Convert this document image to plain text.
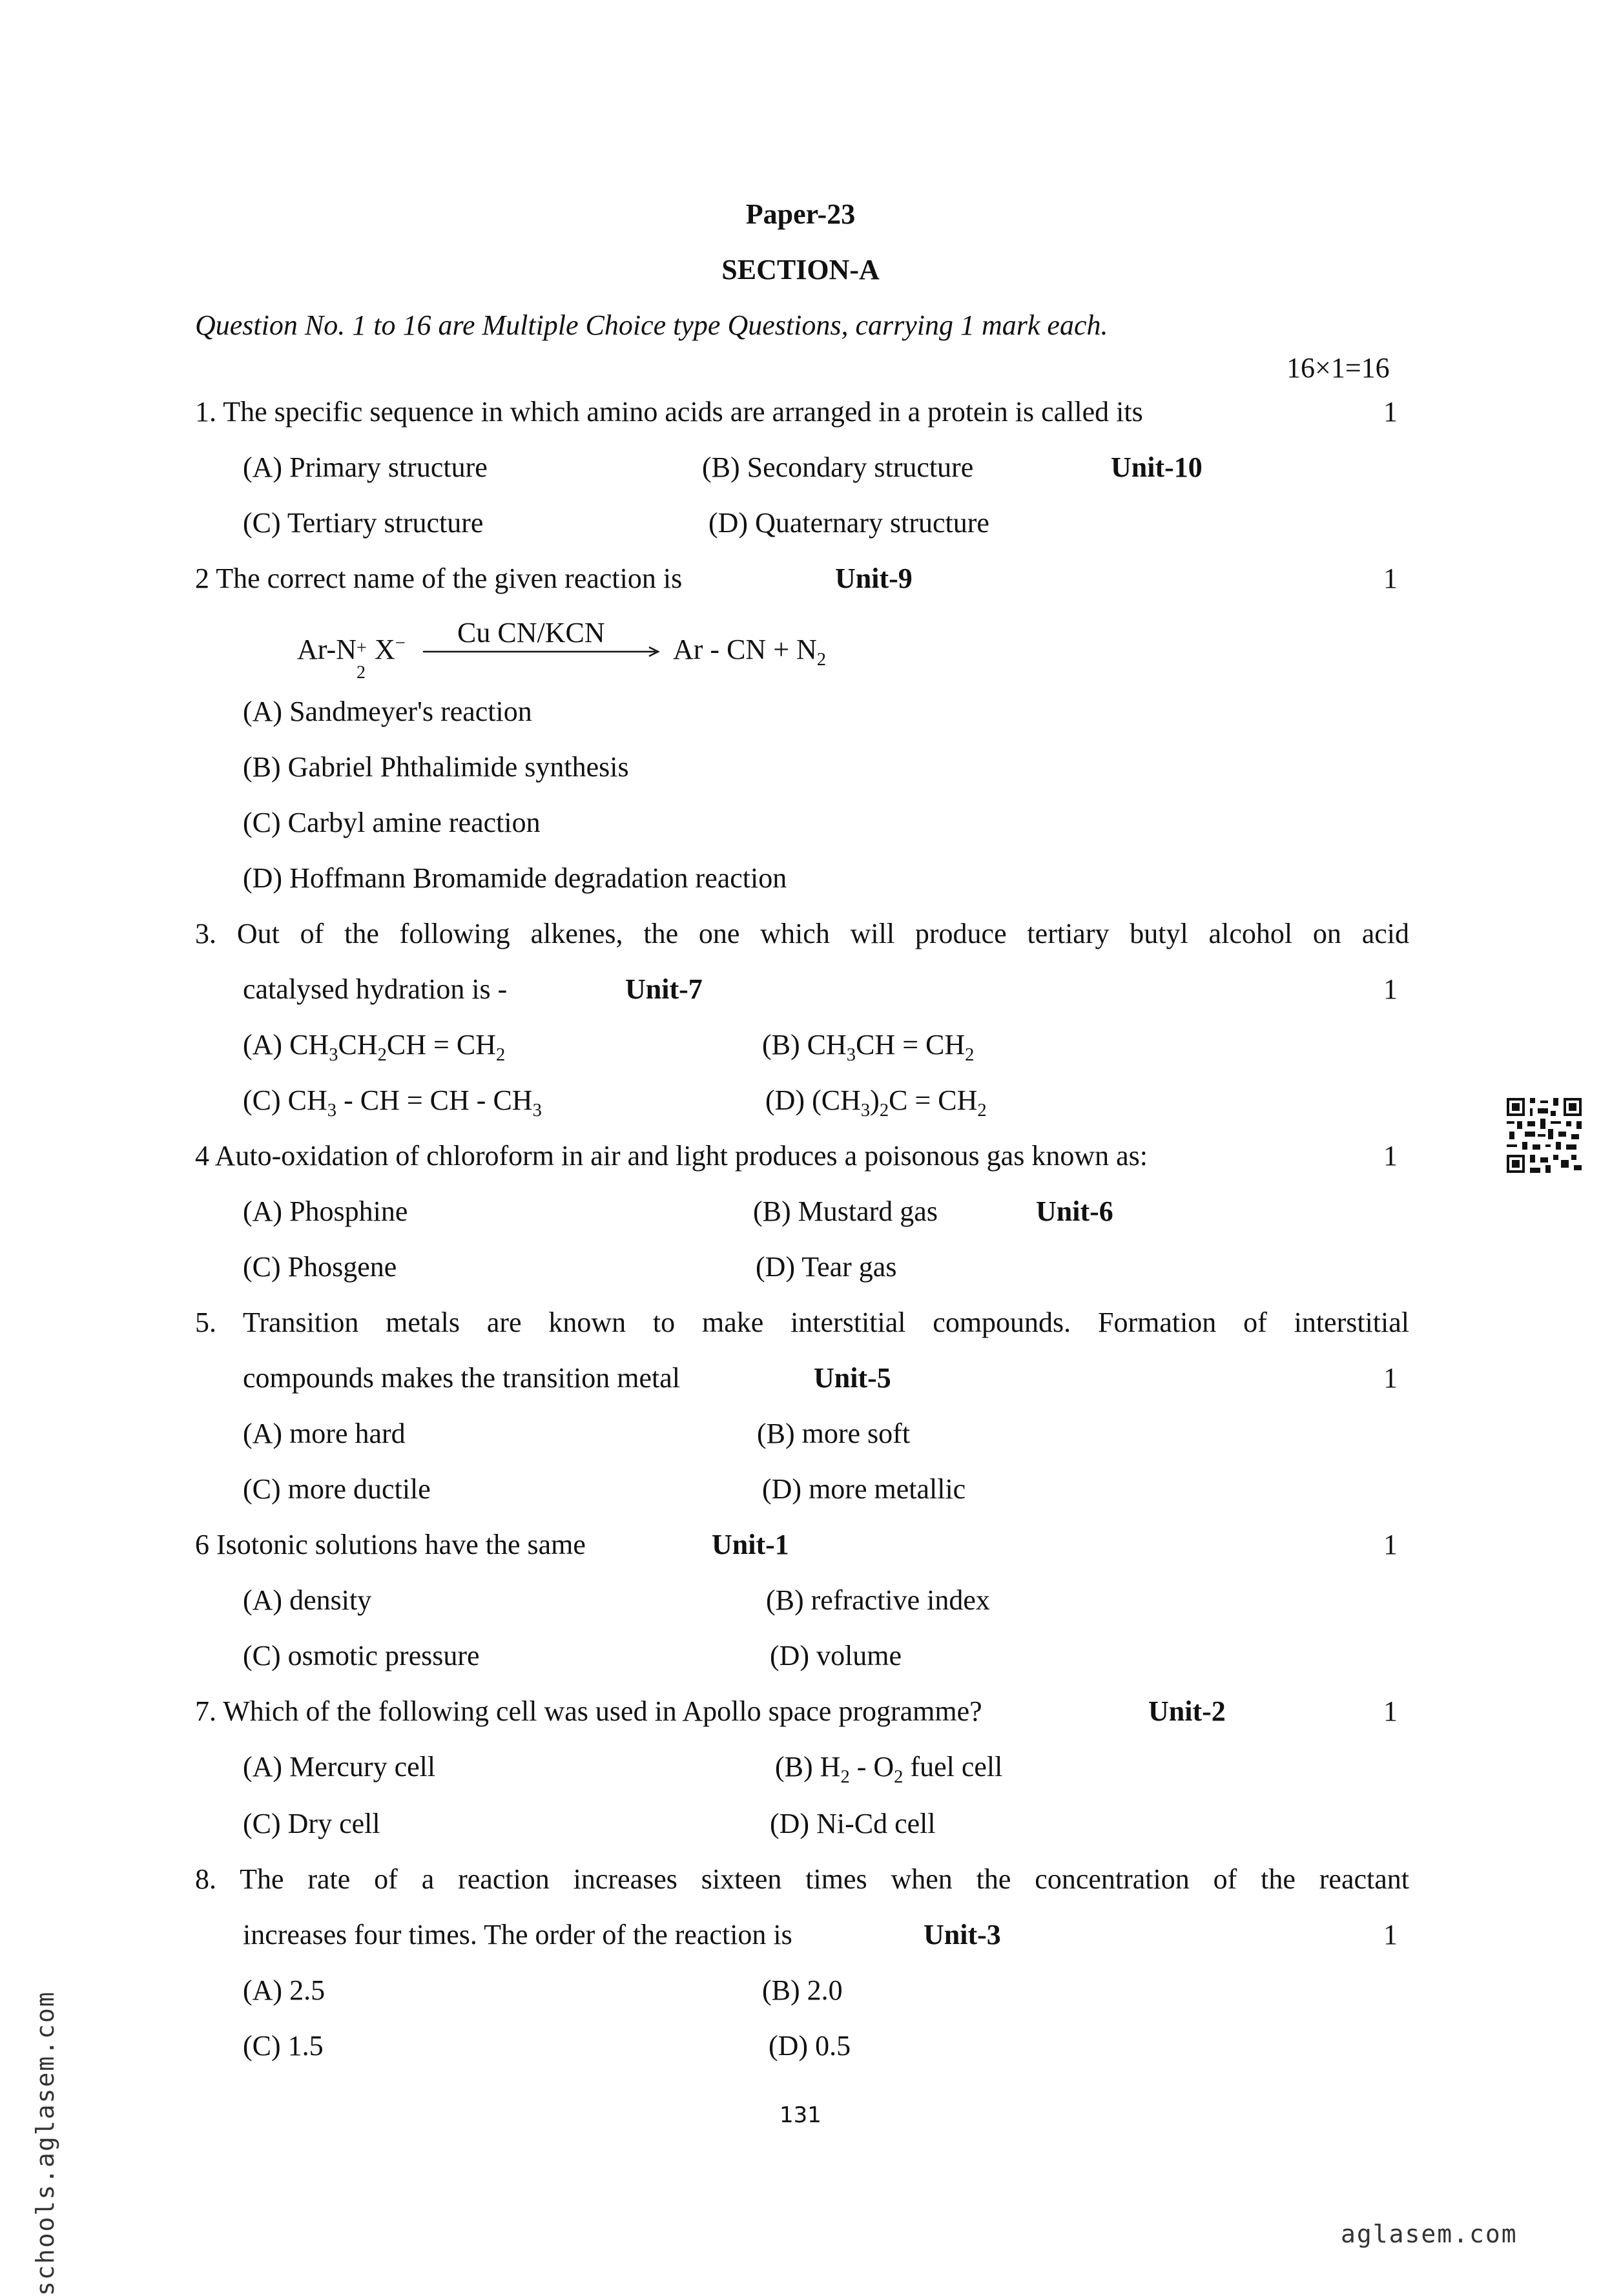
Paper-23
SECTION-A
Question No. 1 to 16 are Multiple Choice type Questions, carrying 1 mark each.
16×1=16
1. The specific sequence in which amino acids are arranged in a protein is called its	1
(A) Primary structure	(B) Secondary structure	Unit-10
(C) Tertiary structure	(D) Quaternary structure
2 The correct name of the given reaction is	Unit-9	1
Ar-N +
2
X− Cu CN/KCN
Ar - CN + $N_2$
(A) Sandmeyer's reaction
(B) Gabriel Phthalimide synthesis
(C) Carbyl amine reaction
(D) Hoffmann Bromamide degradation reaction
3. Out of the following alkenes, the one which will produce tertiary butyl alcohol on acid
catalysed hydration is -	Unit-7	1
(A) $CH_3CH_2CH = CH_2$	(B) $CH_3CH = CH_2$
(C) $CH_3$ - CH = CH - $CH_3$	(D) $(CH_3)_2C = CH_2$
4 Auto-oxidation of chloroform in air and light produces a poisonous gas known as:	1
(A) Phosphine	(B) Mustard gas	Unit-6
(C) Phosgene	(D) Tear gas
5. Transition metals are known to make interstitial compounds. Formation of interstitial
compounds makes the transition metal	Unit-5	1
(A) more hard	(B) more soft
(C) more ductile	(D) more metallic
6 Isotonic solutions have the same	Unit-1	1
(A) density	(B) refractive index
(C) osmotic pressure	(D) volume
7. Which of the following cell was used in Apollo space programme?	Unit-2	1
(A) Mercury cell	(B) $H_2 - O_2$ fuel cell
(C) Dry cell	(D) Ni-Cd cell
8. The rate of a reaction increases sixteen times when the concentration of the reactant
increases four times. The order of the reaction is	Unit-3	1
(A) 2.5	(B) 2.0
(C) 1.5	(D) 0.5
131
schools.aglasem.com	aglasem.com
